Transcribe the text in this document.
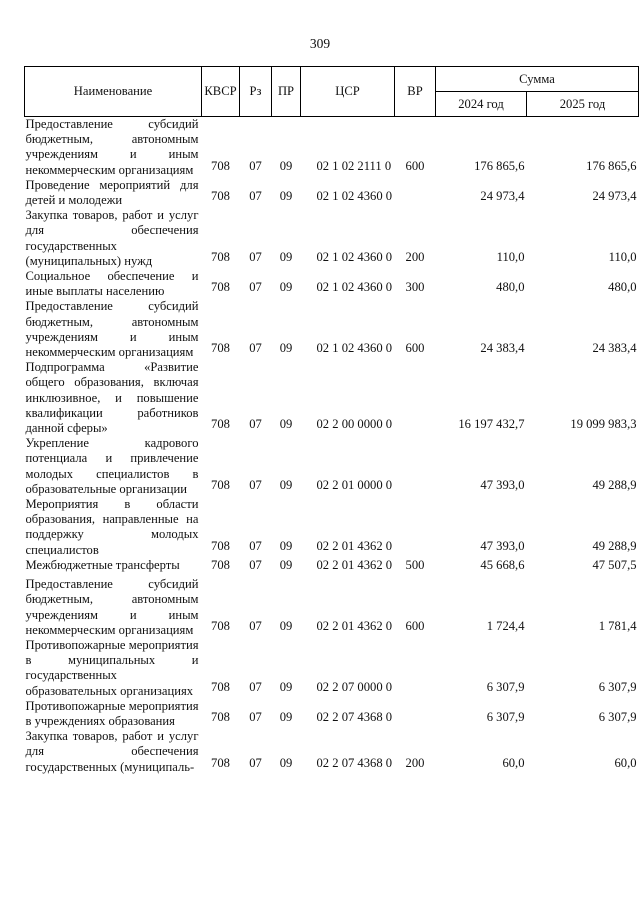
309
Наименование	КВСР	Рз	ПР	ЦСР	ВР	Сумма	
						2024 год	2025 год
Предоставление субсидий бюджетным, автономным учреждениям и иным некоммерческим организациям	708	07	09	02 1 02 2111 0	600	176 865,6	176 865,6
Проведение мероприятий для детей и молодежи	708	07	09	02 1 02 4360 0		24 973,4	24 973,4
Закупка товаров, работ и услуг для обеспечения государственных (муниципальных) нужд	708	07	09	02 1 02 4360 0	200	110,0	110,0
Социальное обеспечение и иные выплаты населению	708	07	09	02 1 02 4360 0	300	480,0	480,0
Предоставление субсидий бюджетным, автономным учреждениям и иным некоммерческим организациям	708	07	09	02 1 02 4360 0	600	24 383,4	24 383,4
Подпрограмма «Развитие общего образования, включая инклюзивное, и повышение квалификации работников данной сферы»	708	07	09	02 2 00 0000 0		16 197 432,7	19 099 983,3
Укрепление кадрового потенциала и привлечение молодых специалистов в образовательные организации	708	07	09	02 2 01 0000 0		47 393,0	49 288,9
Мероприятия в области образования, направленные на поддержку молодых специалистов	708	07	09	02 2 01 4362 0		47 393,0	49 288,9
Межбюджетные трансферты	708	07	09	02 2 01 4362 0	500	45 668,6	47 507,5
Предоставление субсидий бюджетным, автономным учреждениям и иным некоммерческим организациям	708	07	09	02 2 01 4362 0	600	1 724,4	1 781,4
Противопожарные мероприятия в муниципальных и государственных образовательных организациях	708	07	09	02 2 07 0000 0		6 307,9	6 307,9
Противопожарные мероприятия в учреждениях образования	708	07	09	02 2 07 4368 0		6 307,9	6 307,9
Закупка товаров, работ и услуг для обеспечения государственных (муниципаль-	708	07	09	02 2 07 4368 0	200	60,0	60,0
